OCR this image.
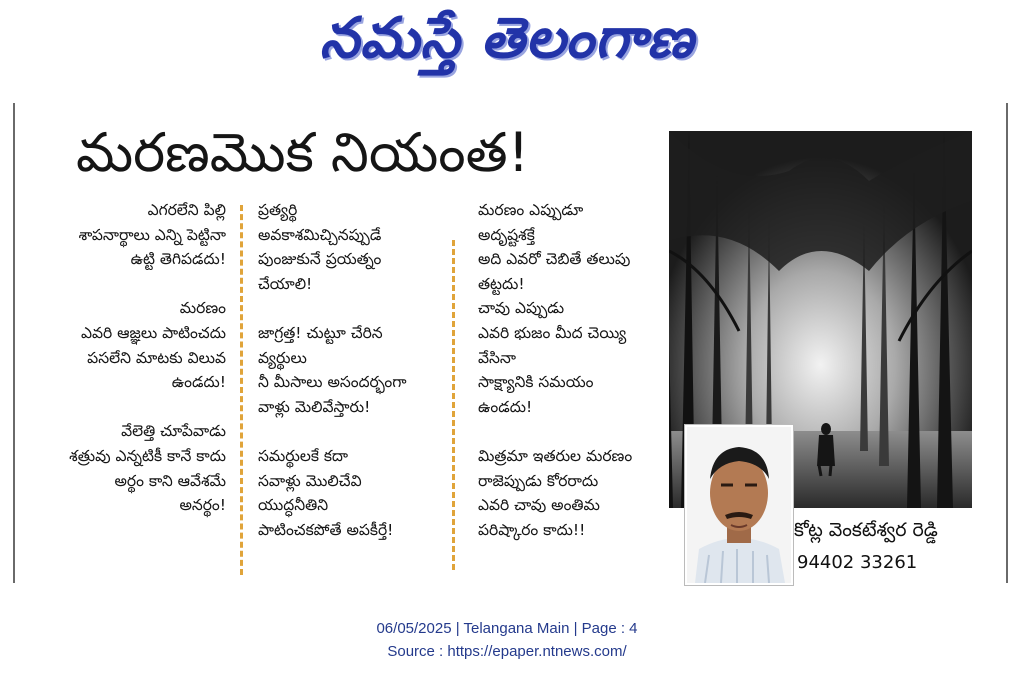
నమస్తే తెలంగాణ
మరణమొక నియంత!

ఎగరలేని పిల్లి

శాపనార్థాలు ఎన్ని పెట్టినా

ఉట్టి తెగిపడదు!

మరణం

ఎవరి ఆజ్ఞలు పాటించదు

పసలేని మాటకు విలువ

ఉండదు!

వేలెత్తి చూపేవాడు

శత్రువు ఎన్నటికీ కానే కాదు

అర్థం కాని ఆవేశమే

అనర్థం!

ప్రత్యర్థి

అవకాశమిచ్చినప్పుడే

పుంజుకునే ప్రయత్నం

చేయాలి!

జాగ్రత్త! చుట్టూ చేరిన

వ్యర్థులు

నీ మీసాలు అసందర్భంగా

వాళ్లు మెలివేస్తారు!

సమర్థులకే కదా

సవాళ్లు మొలిచేవి

యుద్ధనీతిని

పాటించకపోతే అపకీర్తే!

మరణం ఎప్పుడూ

అదృష్టశక్తే

అది ఎవరో చెబితే తలుపు

తట్టదు!

చావు ఎప్పుడు

ఎవరి భుజం మీద చెయ్యి

వేసినా

సాక్ష్యానికి సమయం

ఉండదు!

మిత్రమా ఇతరుల మరణం

రాజెప్పుడు కోరరాదు

ఎవరి చావు అంతిమ

పరిష్కారం కాదు!!	కోట్ల వెంకటేశ్వర రెడ్డి
94402 33261
06/05/2025 | Telangana Main | Page : 4
Source : https://epaper.ntnews.com/
